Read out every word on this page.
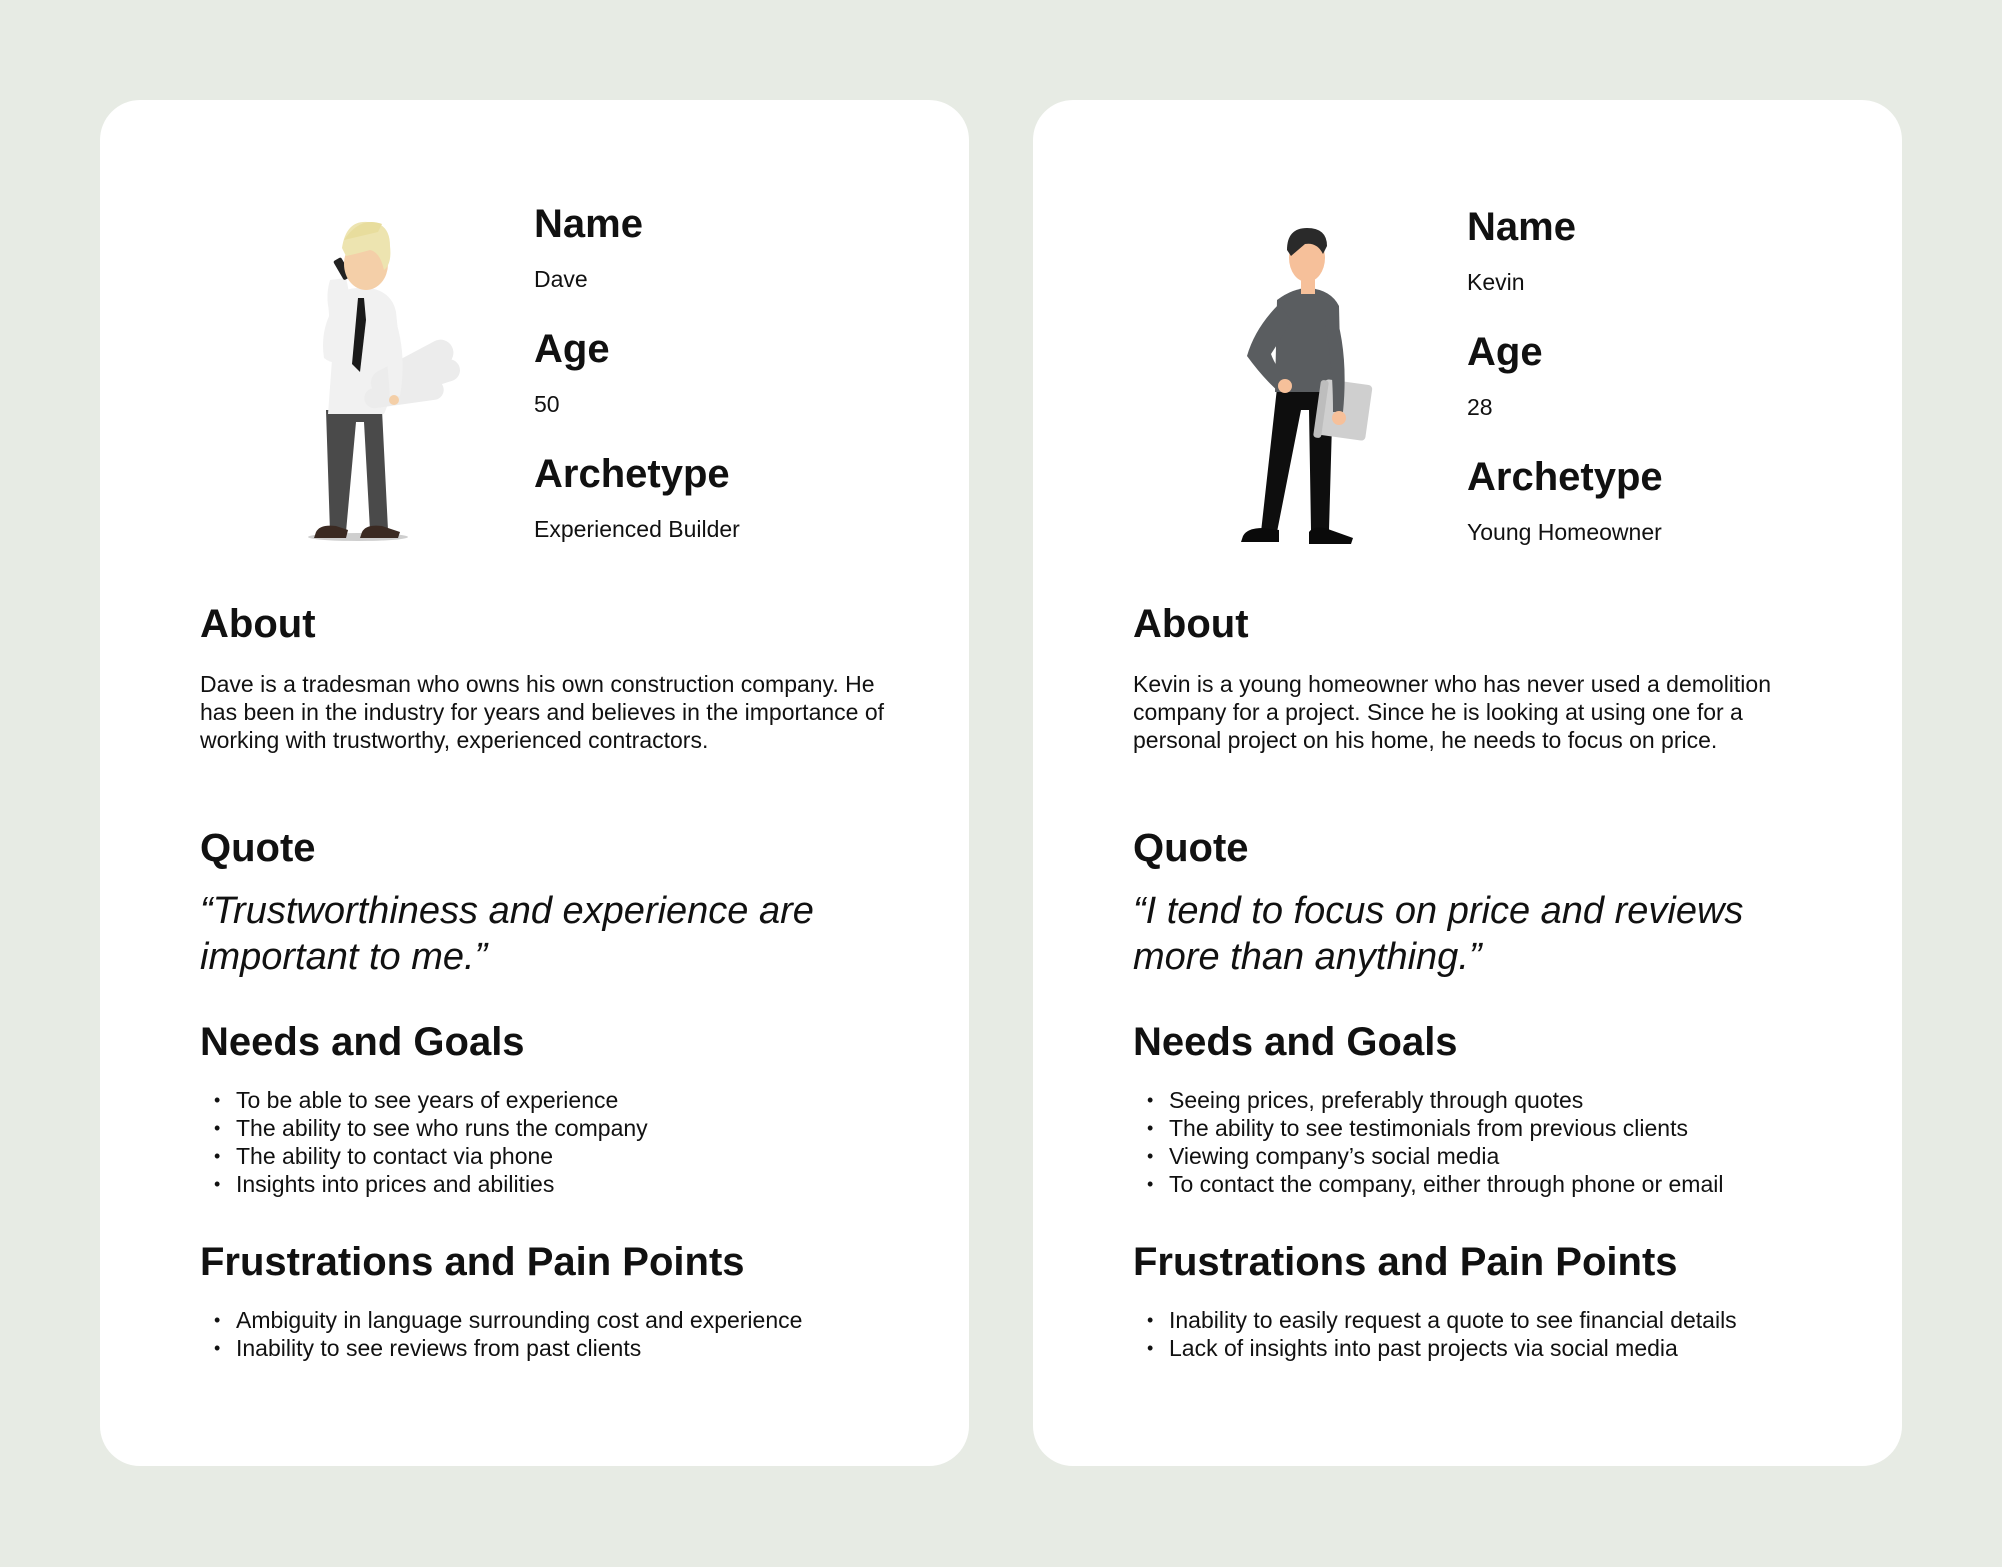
Name

Dave

Age

50

Archetype

Experienced Builder

About

Dave is a tradesman who owns his own construction company. He has been in the industry for years and believes in the importance of working with trustworthy, experienced contractors.

Quote

“Trustworthiness and experience are important to me.”

Needs and Goals
• To be able to see years of experience
• The ability to see who runs the company
• The ability to contact via phone
• Insights into prices and abilities
Frustrations and Pain Points
• Ambiguity in language surrounding cost and experience
• Inability to see reviews from past clients

Name

Kevin

Age

28

Archetype

Young Homeowner

About

Kevin is a young homeowner who has never used a demolition company for a project. Since he is looking at using one for a personal project on his home, he needs to focus on price.

Quote

“I tend to focus on price and reviews more than anything.”

Needs and Goals
• Seeing prices, preferably through quotes
• The ability to see testimonials from previous clients
• Viewing company’s social media
• To contact the company, either through phone or email
Frustrations and Pain Points
• Inability to easily request a quote to see financial details
• Lack of insights into past projects via social media
